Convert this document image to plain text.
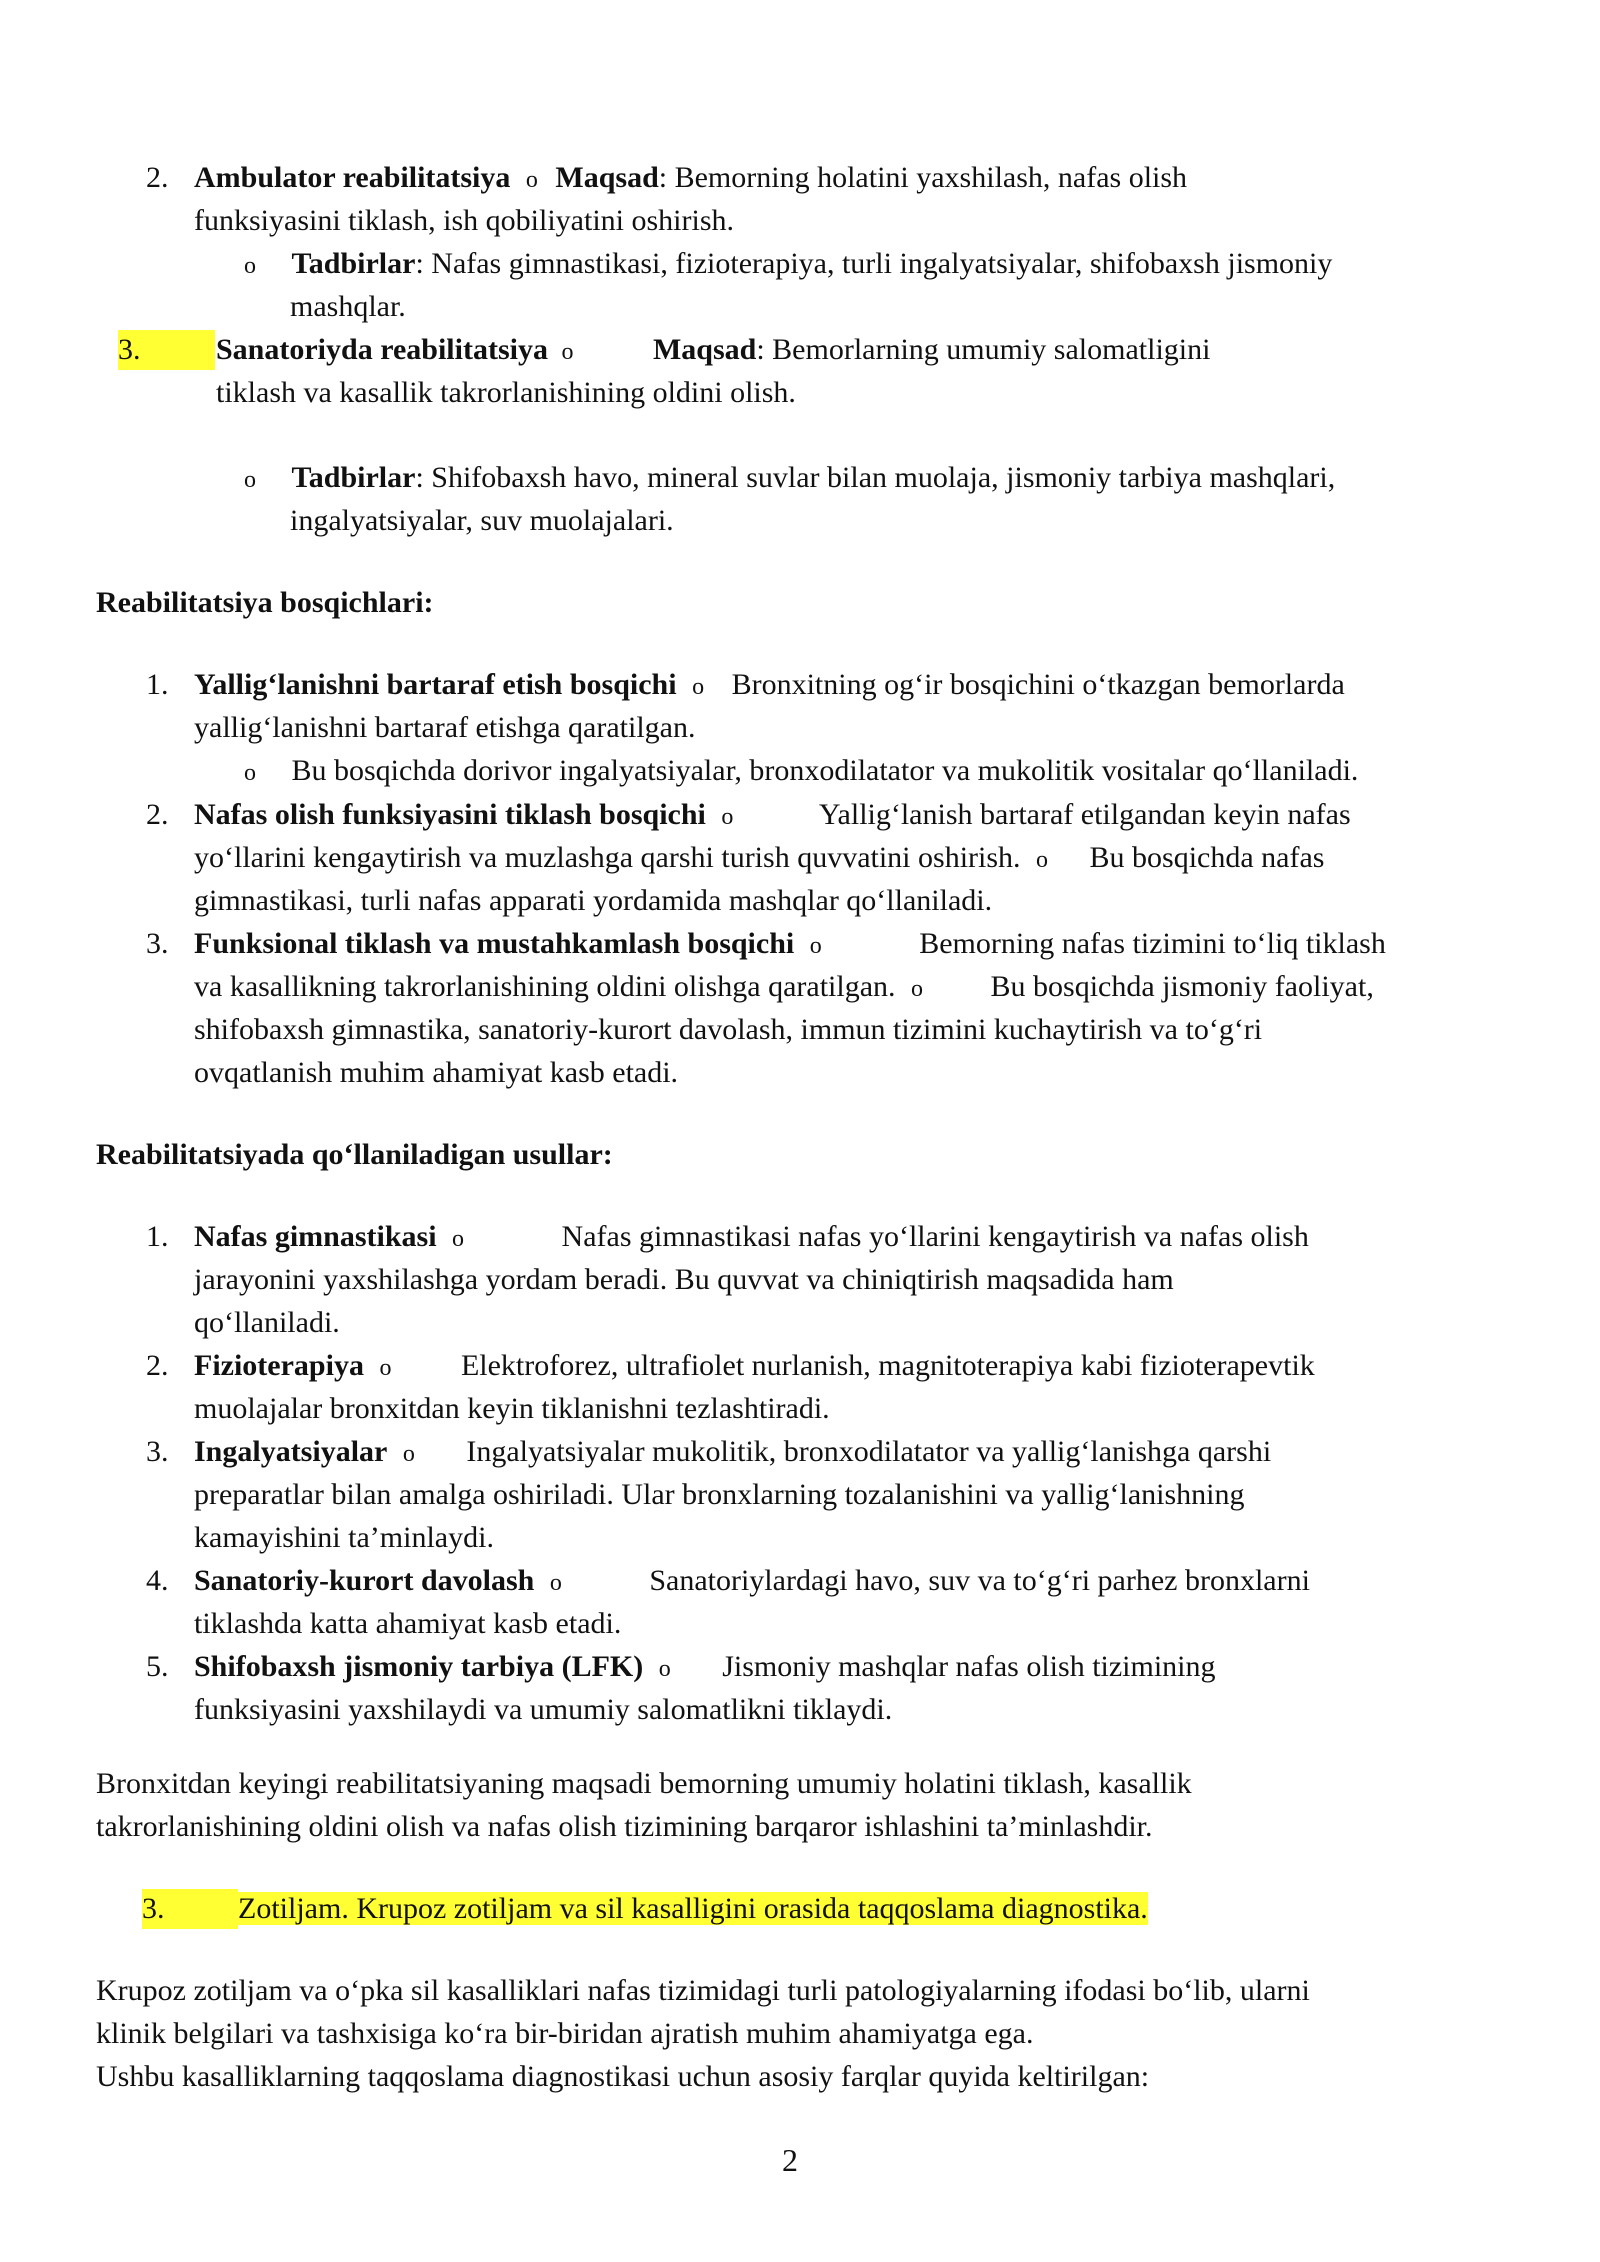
2. Ambulator reabilitatsiya o Maqsad: Bemorning holatini yaxshilash, nafas olish
funksiyasini tiklash, ish qobiliyatini oshirish.
o Tadbirlar: Nafas gimnastikasi, fizioterapiya, turli ingalyatsiyalar, shifobaxsh jismoniy
mashqlar.
3.	Sanatoriyda reabilitatsiya o	Maqsad: Bemorlarning umumiy salomatligini
tiklash va kasallik takrorlanishining oldini olish.
o Tadbirlar: Shifobaxsh havo, mineral suvlar bilan muolaja, jismoniy tarbiya mashqlari,
ingalyatsiyalar, suv muolajalari.
Reabilitatsiya bosqichlari:
1. Yallig‘lanishni bartaraf etish bosqichi o Bronxitning og‘ir bosqichini o‘tkazgan bemorlarda
yallig‘lanishni bartaraf etishga qaratilgan.
o Bu bosqichda dorivor ingalyatsiyalar, bronxodilatator va mukolitik vositalar qo‘llaniladi.
2. Nafas olish funksiyasini tiklash bosqichi o	Yallig‘lanish bartaraf etilgandan keyin nafas
yo‘llarini kengaytirish va muzlashga qarshi turish quvvatini oshirish. o Bu bosqichda nafas
gimnastikasi, turli nafas apparati yordamida mashqlar qo‘llaniladi.
3. Funksional tiklash va mustahkamlash bosqichi o	Bemorning nafas tizimini to‘liq tiklash
va kasallikning takrorlanishining oldini olishga qaratilgan. o Bu bosqichda jismoniy faoliyat,
shifobaxsh gimnastika, sanatoriy-kurort davolash, immun tizimini kuchaytirish va to‘g‘ri
ovqatlanish muhim ahamiyat kasb etadi.
Reabilitatsiyada qo‘llaniladigan usullar:
1. Nafas gimnastikasi o	Nafas gimnastikasi nafas yo‘llarini kengaytirish va nafas olish
jarayonini yaxshilashga yordam beradi. Bu quvvat va chiniqtirish maqsadida ham
qo‘llaniladi.
2. Fizioterapiya o Elektroforez, ultrafiolet nurlanish, magnitoterapiya kabi fizioterapevtik
muolajalar bronxitdan keyin tiklanishni tezlashtiradi.
3. Ingalyatsiyalar o Ingalyatsiyalar mukolitik, bronxodilatator va yallig‘lanishga qarshi
preparatlar bilan amalga oshiriladi. Ular bronxlarning tozalanishini va yallig‘lanishning
kamayishini ta’minlaydi.
4. Sanatoriy-kurort davolash o	Sanatoriylardagi havo, suv va to‘g‘ri parhez bronxlarni
tiklashda katta ahamiyat kasb etadi.
5. Shifobaxsh jismoniy tarbiya (LFK) o Jismoniy mashqlar nafas olish tizimining
funksiyasini yaxshilaydi va umumiy salomatlikni tiklaydi.
Bronxitdan keyingi reabilitatsiyaning maqsadi bemorning umumiy holatini tiklash, kasallik
takrorlanishining oldini olish va nafas olish tizimining barqaror ishlashini ta’minlashdir.
3. Zotiljam. Krupoz zotiljam va sil kasalligini orasida taqqoslama diagnostika.
Krupoz zotiljam va o‘pka sil kasalliklari nafas tizimidagi turli patologiyalarning ifodasi bo‘lib, ularni
klinik belgilari va tashxisiga ko‘ra bir-biridan ajratish muhim ahamiyatga ega.
Ushbu kasalliklarning taqqoslama diagnostikasi uchun asosiy farqlar quyida keltirilgan:
2
